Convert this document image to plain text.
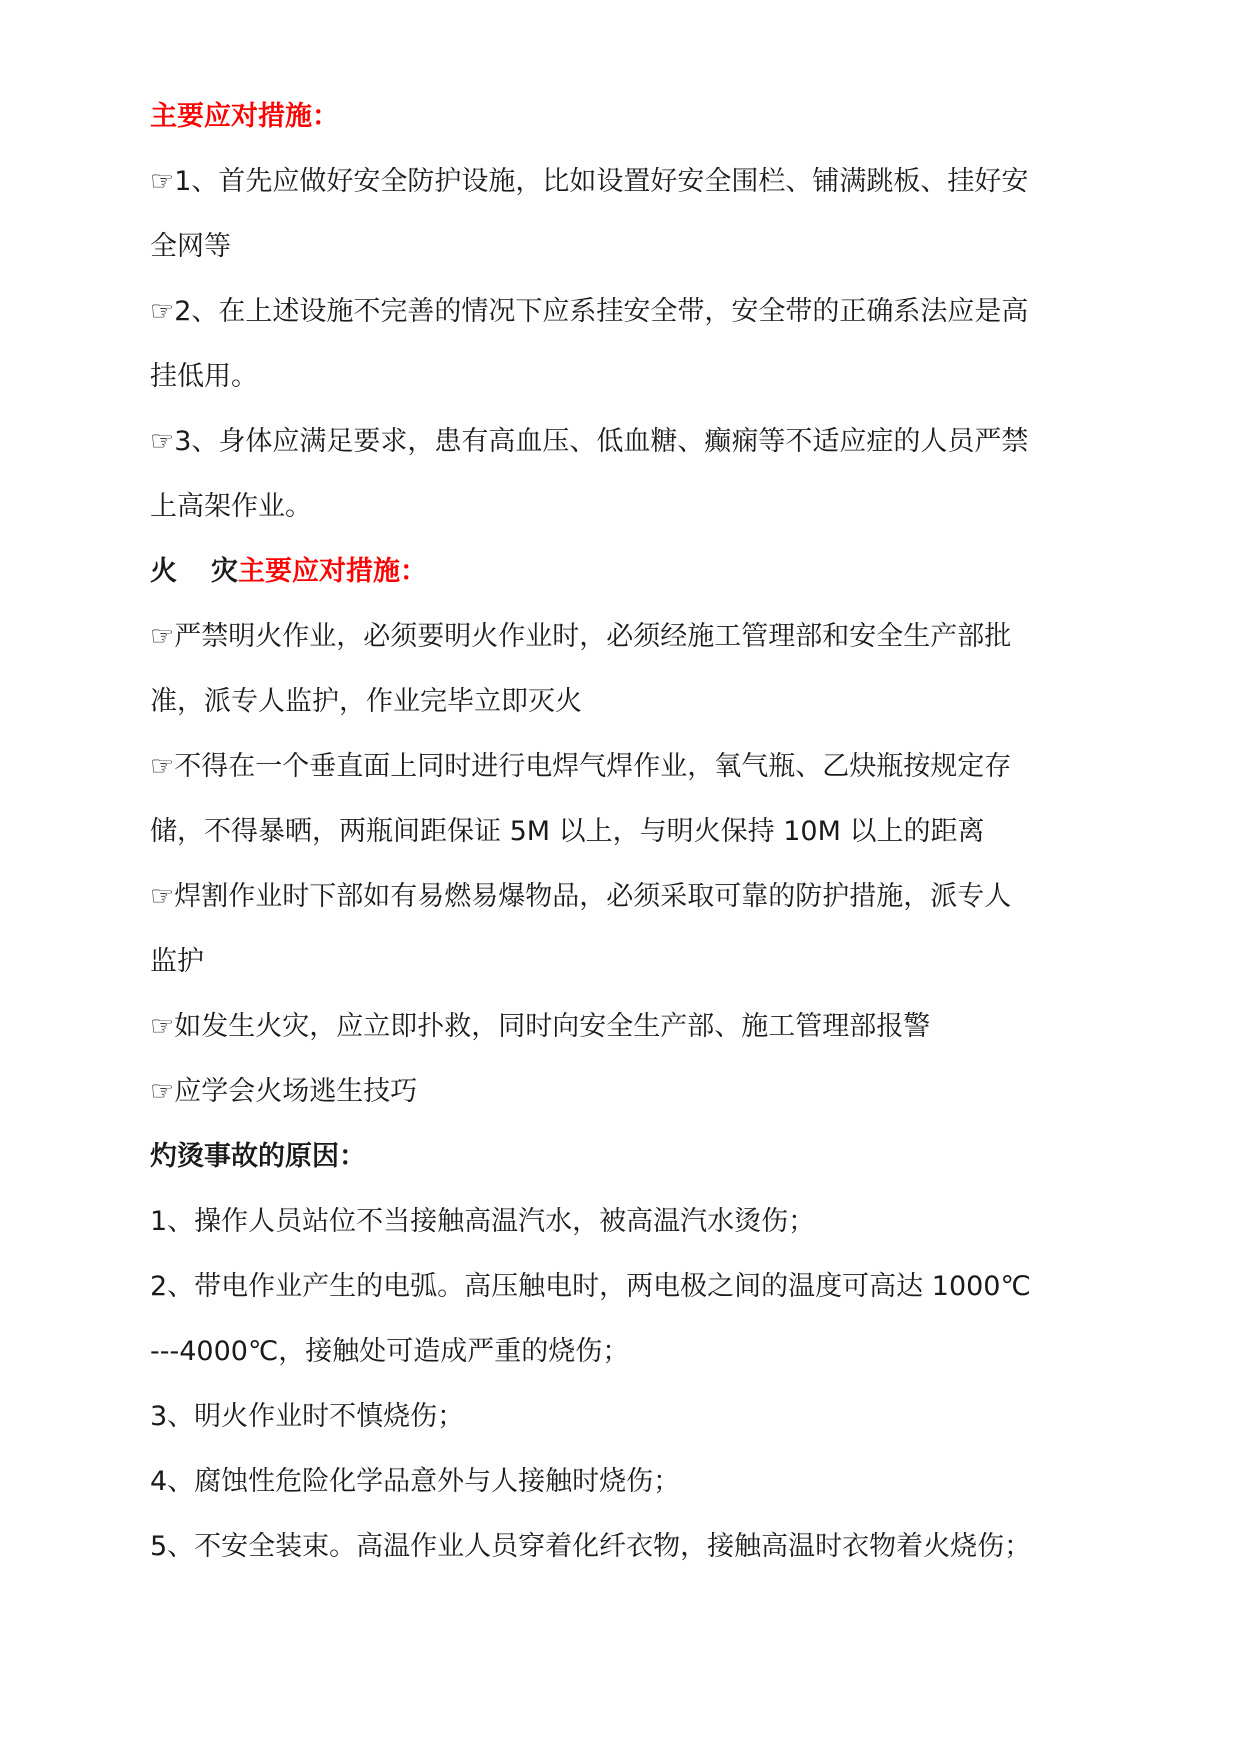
主要应对措施：
☞1、首先应做好安全防护设施，比如设置好安全围栏、铺满跳板、挂好安
全网等
☞2、在上述设施不完善的情况下应系挂安全带，安全带的正确系法应是高
挂低用。
☞3、身体应满足要求，患有高血压、低血糖、癫痫等不适应症的人员严禁
上高架作业。
火 灾主要应对措施：
☞严禁明火作业，必须要明火作业时，必须经施工管理部和安全生产部批
准，派专人监护，作业完毕立即灭火
☞不得在一个垂直面上同时进行电焊气焊作业，氧气瓶、乙炔瓶按规定存
储，不得暴晒，两瓶间距保证 5M 以上，与明火保持 10M 以上的距离
☞焊割作业时下部如有易燃易爆物品，必须采取可靠的防护措施，派专人
监护
☞如发生火灾，应立即扑救，同时向安全生产部、施工管理部报警
☞应学会火场逃生技巧
灼烫事故的原因：
1、操作人员站位不当接触高温汽水，被高温汽水烫伤；
2、带电作业产生的电弧。高压触电时，两电极之间的温度可高达 1000℃
---4000℃，接触处可造成严重的烧伤；
3、明火作业时不慎烧伤；
4、腐蚀性危险化学品意外与人接触时烧伤；
5、不安全装束。高温作业人员穿着化纤衣物，接触高温时衣物着火烧伤；
